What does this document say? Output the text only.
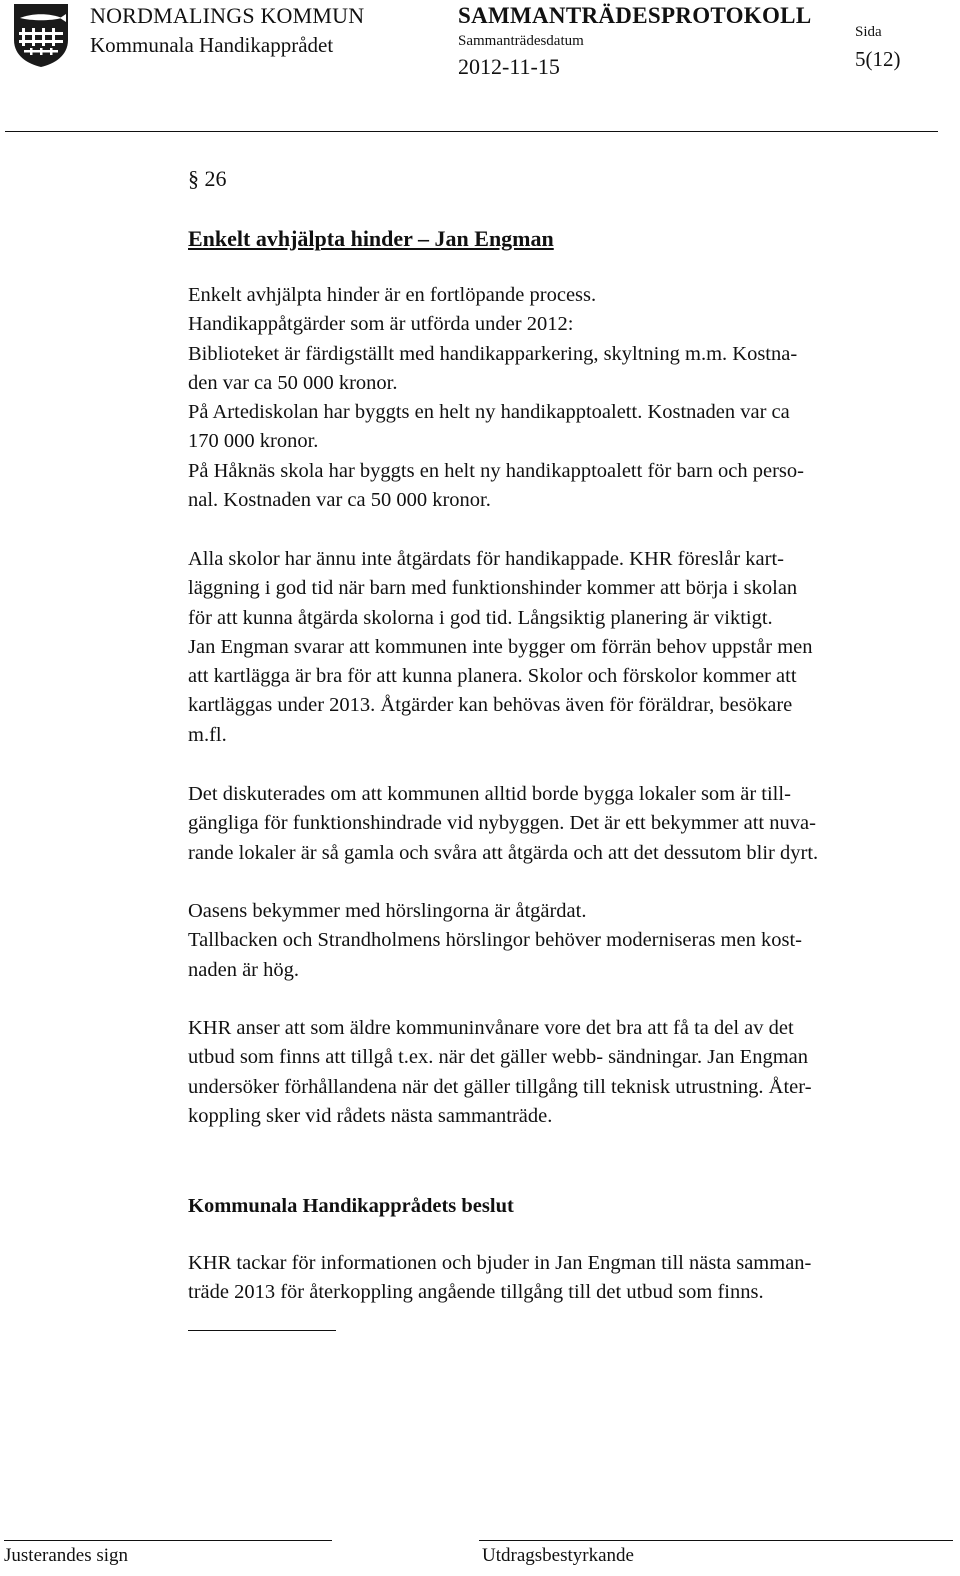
NORDMALINGS KOMMUN
Kommunala Handikapprådet
SAMMANTRÄDESPROTOKOLL
Sammanträdesdatum
2012-11-15
Sida
5(12)
§ 26
Enkelt avhjälpta hinder – Jan Engman
Enkelt avhjälpta hinder är en fortlöpande process.
Handikappåtgärder som är utförda under 2012:
Biblioteket är färdigställt med handikapparkering, skyltning m.m. Kostna-
den var ca 50 000 kronor.
På Artediskolan har byggts en helt ny handikapptoalett. Kostnaden var ca
170 000 kronor.
På Håknäs skola har byggts en helt ny handikapptoalett för barn och perso-
nal. Kostnaden var ca 50 000 kronor.
Alla skolor har ännu inte åtgärdats för handikappade. KHR föreslår kart-
läggning i god tid när barn med funktionshinder kommer att börja i skolan
för att kunna åtgärda skolorna i god tid. Långsiktig planering är viktigt.
Jan Engman svarar att kommunen inte bygger om förrän behov uppstår men
att kartlägga är bra för att kunna planera. Skolor och förskolor kommer att
kartläggas under 2013. Åtgärder kan behövas även för föräldrar, besökare
m.fl.
Det diskuterades om att kommunen alltid borde bygga lokaler som är till-
gängliga för funktionshindrade vid nybyggen. Det är ett bekymmer att nuva-
rande lokaler är så gamla och svåra att åtgärda och att det dessutom blir dyrt.
Oasens bekymmer med hörslingorna är åtgärdat.
Tallbacken och Strandholmens hörslingor behöver moderniseras men kost-
naden är hög.
KHR anser att som äldre kommuninvånare vore det bra att få ta del av det
utbud som finns att tillgå t.ex. när det gäller webb- sändningar. Jan Engman
undersöker förhållandena när det gäller tillgång till teknisk utrustning. Åter-
koppling sker vid rådets nästa sammanträde.
Kommunala Handikapprådets beslut
KHR tackar för informationen och bjuder in Jan Engman till nästa samman-
träde 2013 för återkoppling angående tillgång till det utbud som finns.
Justerandes sign	Utdragsbestyrkande
